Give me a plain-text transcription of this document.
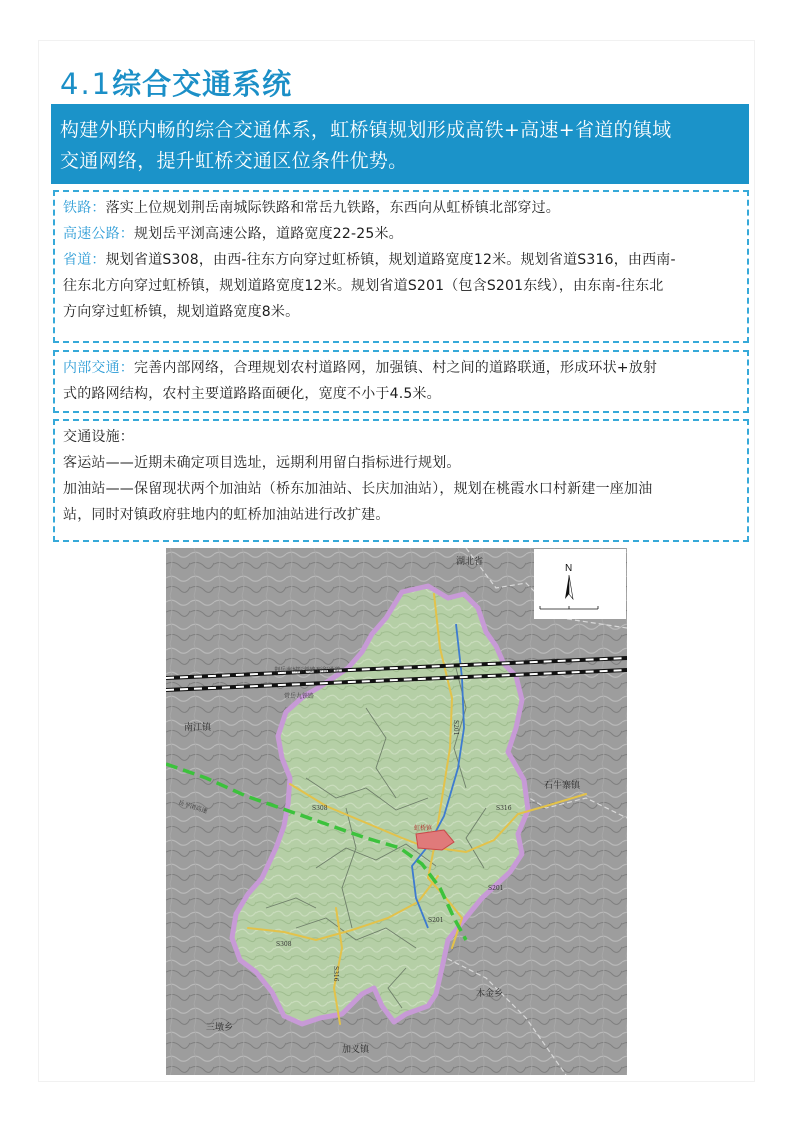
4.1综合交通系统

构建外联内畅的综合交通体系，虹桥镇规划形成高铁+高速+省道的镇域

交通网络，提升虹桥交通区位条件优势。

铁路：落实上位规划荆岳南城际铁路和常岳九铁路，东西向从虹桥镇北部穿过。

高速公路：规划岳平浏高速公路，道路宽度22-25米。

省道：规划省道S308，由西-往东方向穿过虹桥镇，规划道路宽度12米。规划省道S316，由西南-

往东北方向穿过虹桥镇，规划道路宽度12米。规划省道S201（包含S201东线），由东南-往东北

方向穿过虹桥镇，规划道路宽度8米。

内部交通：完善内部网络，合理规划农村道路网，加强镇、村之间的道路联通，形成环状+放射

式的路网结构，农村主要道路路面硬化，宽度不小于4.5米。

交通设施：

客运站——近期未确定项目选址，远期利用留白指标进行规划。

加油站——保留现状两个加油站（桥东加油站、长庆加油站），规划在桃霞水口村新建一座加油

站，同时对镇政府驻地内的虹桥加油站进行改扩建。

湖北省
南江镇
石牛寨镇
木金乡
三墩乡
加义镇
荆岳南城际铁路预留通道
常岳九铁路
岳平浏高速
虹桥镇
S308
S308
S316
S316
S201
S201
S201
N
